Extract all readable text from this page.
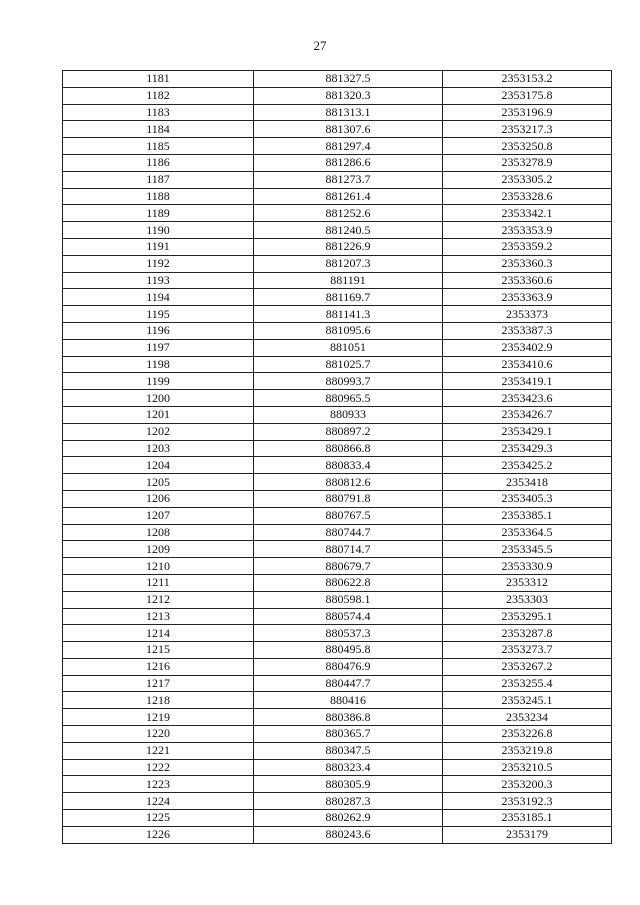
27
1181	881327.5	2353153.2
1182	881320.3	2353175.8
1183	881313.1	2353196.9
1184	881307.6	2353217.3
1185	881297.4	2353250.8
1186	881286.6	2353278.9
1187	881273.7	2353305.2
1188	881261.4	2353328.6
1189	881252.6	2353342.1
1190	881240.5	2353353.9
1191	881226.9	2353359.2
1192	881207.3	2353360.3
1193	881191	2353360.6
1194	881169.7	2353363.9
1195	881141.3	2353373
1196	881095.6	2353387.3
1197	881051	2353402.9
1198	881025.7	2353410.6
1199	880993.7	2353419.1
1200	880965.5	2353423.6
1201	880933	2353426.7
1202	880897.2	2353429.1
1203	880866.8	2353429.3
1204	880833.4	2353425.2
1205	880812.6	2353418
1206	880791.8	2353405.3
1207	880767.5	2353385.1
1208	880744.7	2353364.5
1209	880714.7	2353345.5
1210	880679.7	2353330.9
1211	880622.8	2353312
1212	880598.1	2353303
1213	880574.4	2353295.1
1214	880537.3	2353287.8
1215	880495.8	2353273.7
1216	880476.9	2353267.2
1217	880447.7	2353255.4
1218	880416	2353245.1
1219	880386.8	2353234
1220	880365.7	2353226.8
1221	880347.5	2353219.8
1222	880323.4	2353210.5
1223	880305.9	2353200.3
1224	880287.3	2353192.3
1225	880262.9	2353185.1
1226	880243.6	2353179
